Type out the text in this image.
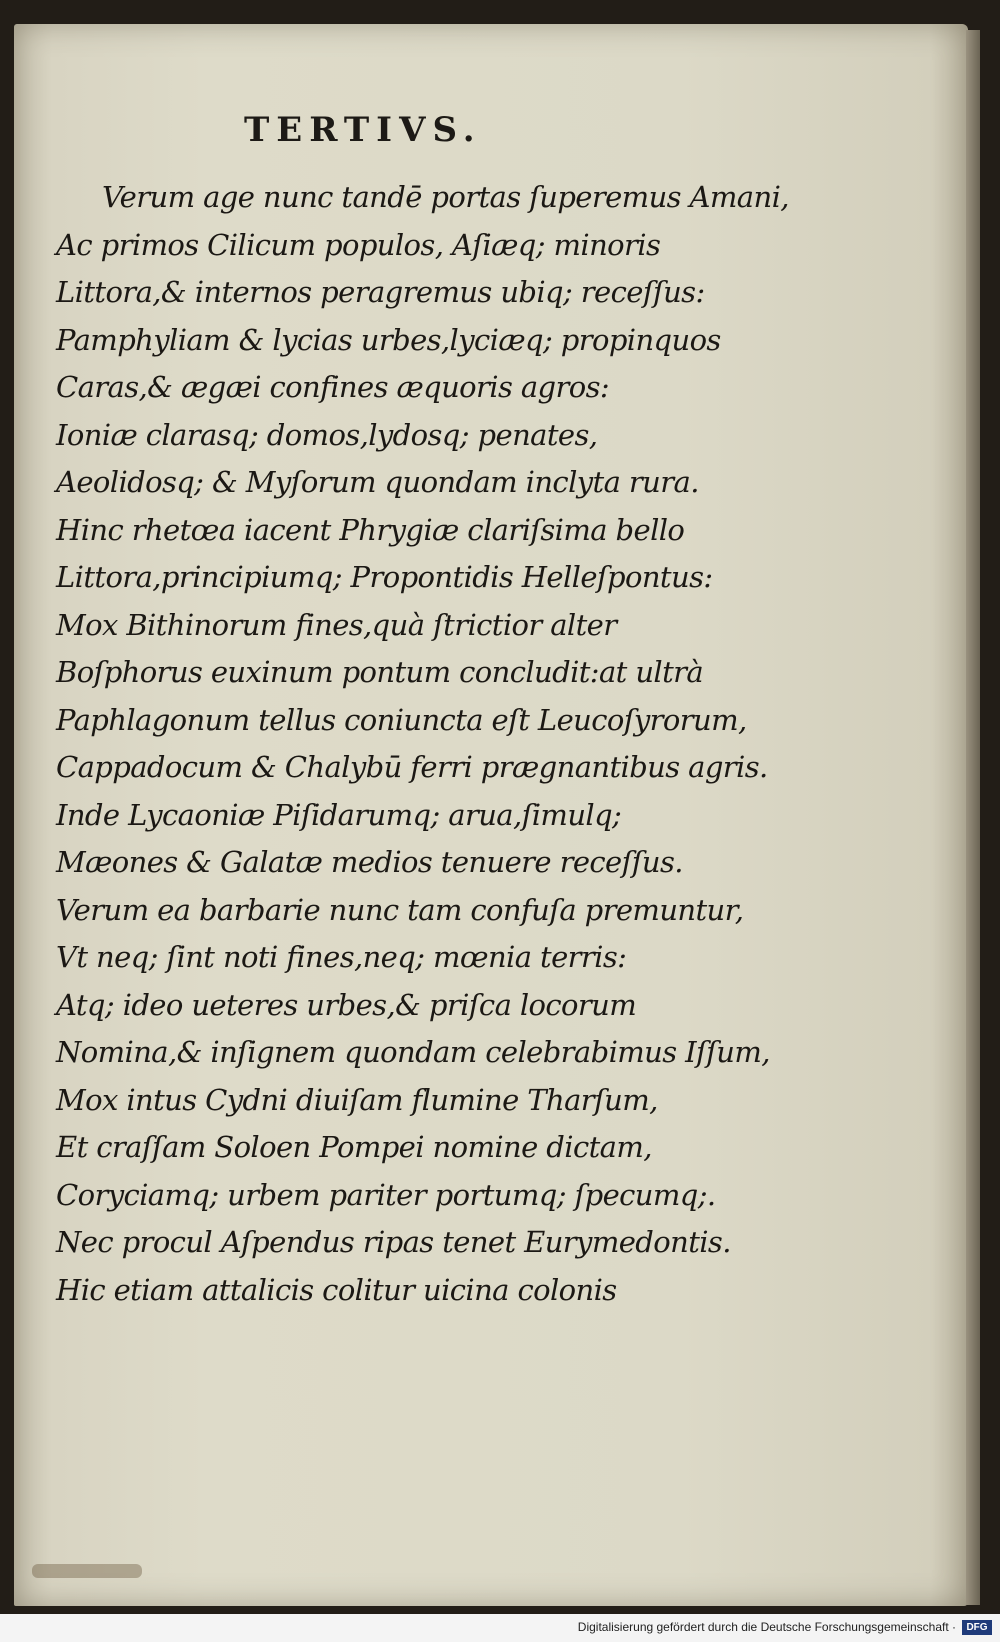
TERTIVS.
Verum age nunc tandē portas ſuperemus Amani,
Ac primos Cilicum populos, Aſiæq; minoris
Littora,& internos peragremus ubiq; receſſus:
Pamphyliam & lycias urbes,lyciæq; propinquos
Caras,& ægæi confines æquoris agros:
Ioniæ clarasq; domos,lydosq; penates,
Aeolidosq; & Myſorum quondam inclyta rura.
Hinc rhetœa iacent Phrygiæ clariſsima bello
Littora,principiumq; Propontidis Helleſpontus:
Mox Bithinorum fines,quà ſtrictior alter
Boſphorus euxinum pontum concludit:at ultrà
Paphlagonum tellus coniuncta eſt Leucoſyrorum,
Cappadocum & Chalybū ferri prægnantibus agris.
Inde Lycaoniæ Piſidarumq; arua,ſimulq;
Mæones & Galatæ medios tenuere receſſus.
Verum ea barbarie nunc tam confuſa premuntur,
Vt neq; ſint noti fines,neq; mœnia terris:
Atq; ideo ueteres urbes,& priſca locorum
Nomina,& inſignem quondam celebrabimus Iſſum,
Mox intus Cydni diuiſam flumine Tharſum,
Et craſſam Soloen Pompei nomine dictam,
Coryciamq; urbem pariter portumq; ſpecumq;.
Nec procul Aſpendus ripas tenet Eurymedontis.
Hic etiam attalicis colitur uicina colonis
Digitalisierung gefördert durch die Deutsche Forschungsgemeinschaft ·	DFG
